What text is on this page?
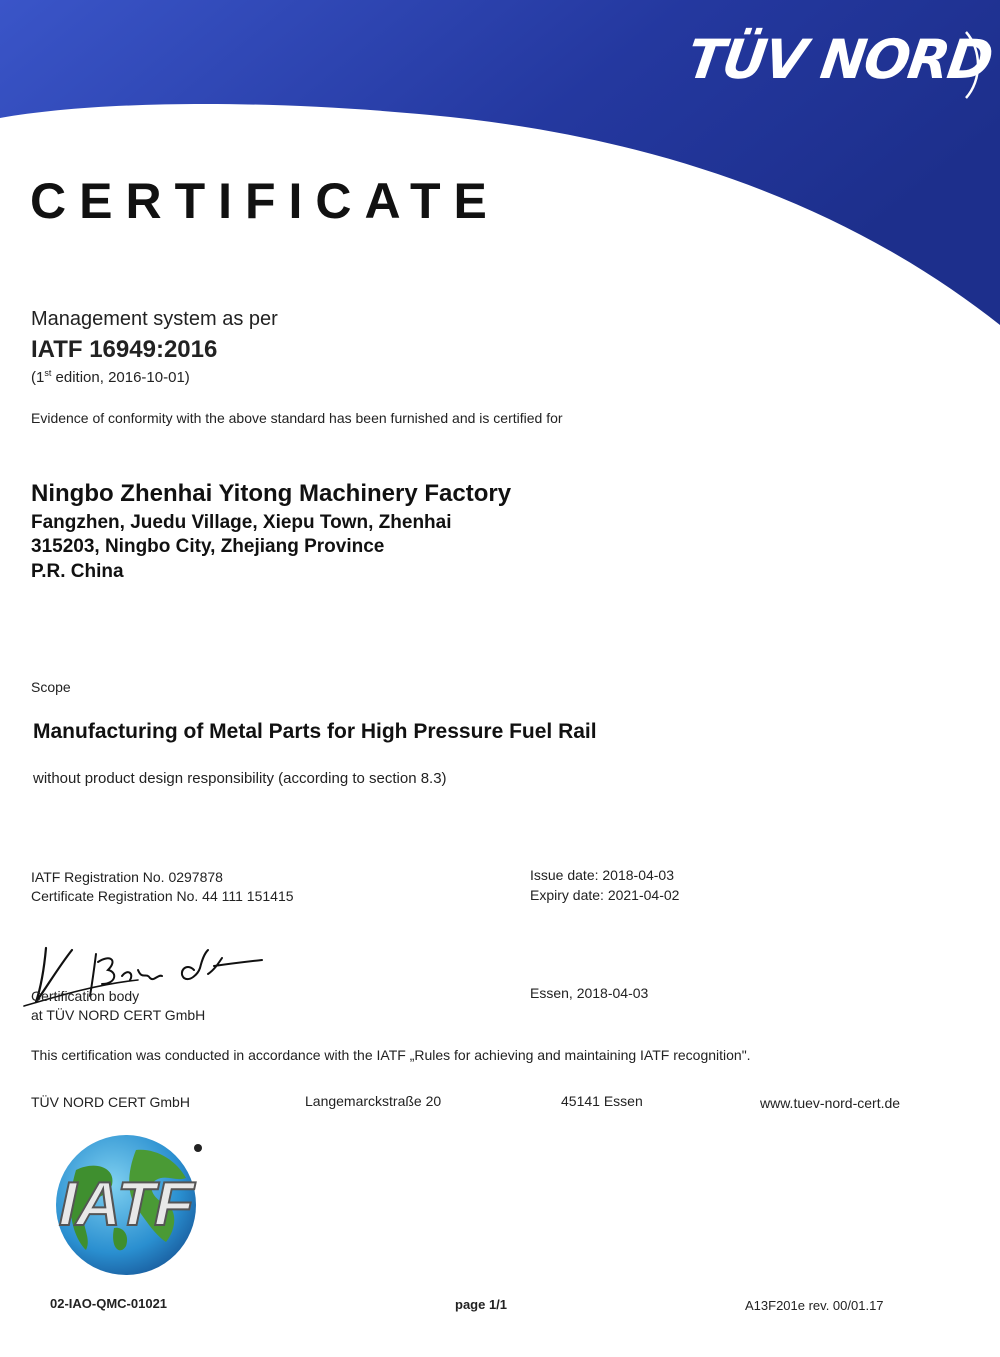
TÜV NORD
CERTIFICATE
Management system as per
IATF 16949:2016
(1st edition, 2016-10-01)
Evidence of conformity with the above standard has been furnished and is certified for
Ningbo Zhenhai Yitong Machinery Factory
Fangzhen, Juedu Village, Xiepu Town, Zhenhai
315203, Ningbo City, Zhejiang Province
P.R. China
Scope
Manufacturing of Metal Parts for High Pressure Fuel Rail
without product design responsibility (according to section 8.3)
IATF Registration No. 0297878
Certificate Registration No. 44 111 151415
Issue date: 2018-04-03
Expiry date: 2021-04-02
Certification body
at TÜV NORD CERT GmbH
Essen, 2018-04-03
This certification was conducted in accordance with the IATF „Rules for achieving and maintaining IATF recognition".
TÜV NORD CERT GmbH	Langemarckstraße 20	45141 Essen	www.tuev-nord-cert.de
IATF
02-IAO-QMC-01021	page 1/1	A13F201e rev. 00/01.17
